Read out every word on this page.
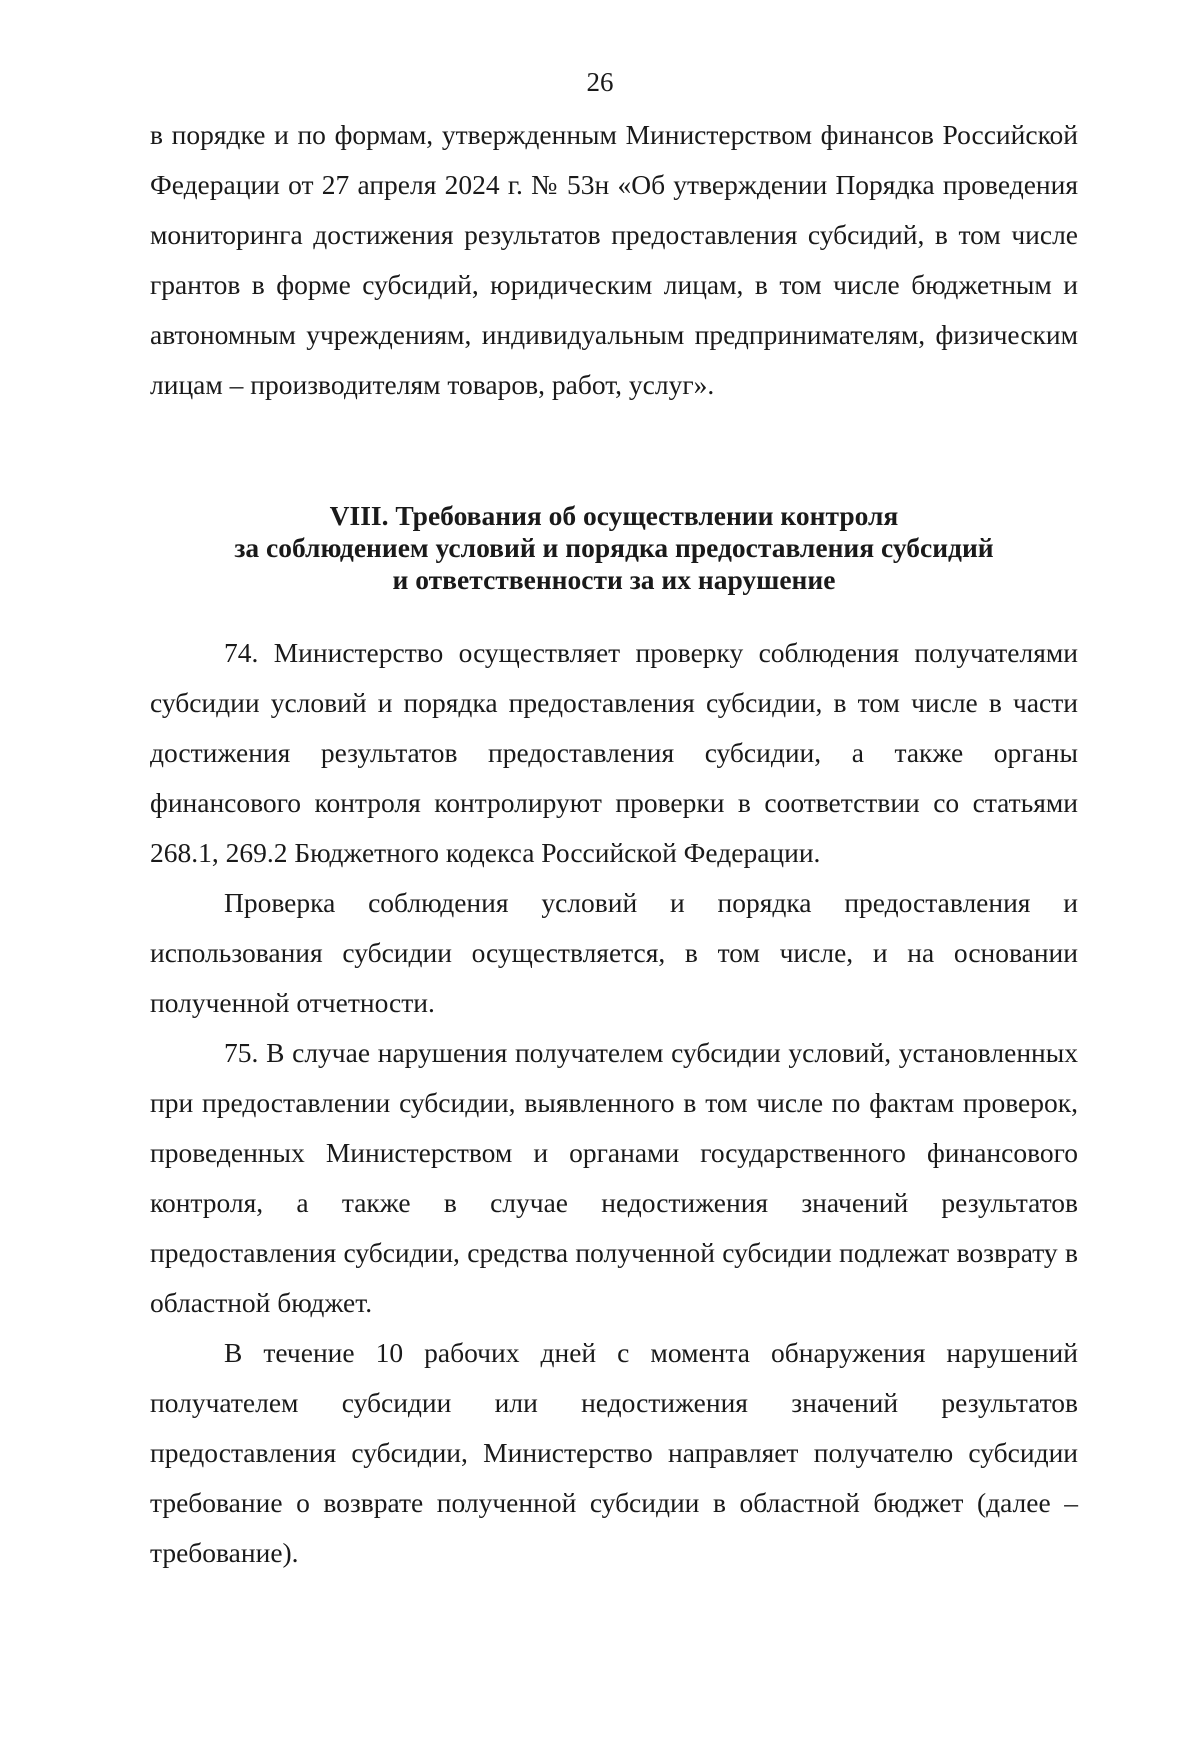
26

в порядке и по формам, утвержденным Министерством финансов Российской Федерации от 27 апреля 2024 г. № 53н «Об утверждении Порядка проведения мониторинга достижения результатов предоставления субсидий, в том числе грантов в форме субсидий, юридическим лицам, в том числе бюджетным и автономным учреждениям, индивидуальным предпринимателям, физическим лицам – производителям товаров, работ, услуг».

VIII. Требования об осуществлении контроля
за соблюдением условий и порядка предоставления субсидий
и ответственности за их нарушение

74. Министерство осуществляет проверку соблюдения получателями субсидии условий и порядка предоставления субсидии, в том числе в части достижения результатов предоставления субсидии, а также органы финансового контроля контролируют проверки в соответствии со статьями 268.1, 269.2 Бюджетного кодекса Российской Федерации.

Проверка соблюдения условий и порядка предоставления и использования субсидии осуществляется, в том числе, и на основании полученной отчетности.

75. В случае нарушения получателем субсидии условий, установленных при предоставлении субсидии, выявленного в том числе по фактам проверок, проведенных Министерством и органами государственного финансового контроля, а также в случае недостижения значений результатов предоставления субсидии, средства полученной субсидии подлежат возврату в областной бюджет.

В течение 10 рабочих дней с момента обнаружения нарушений получателем субсидии или недостижения значений результатов предоставления субсидии, Министерство направляет получателю субсидии требование о возврате полученной субсидии в областной бюджет (далее – требование).
